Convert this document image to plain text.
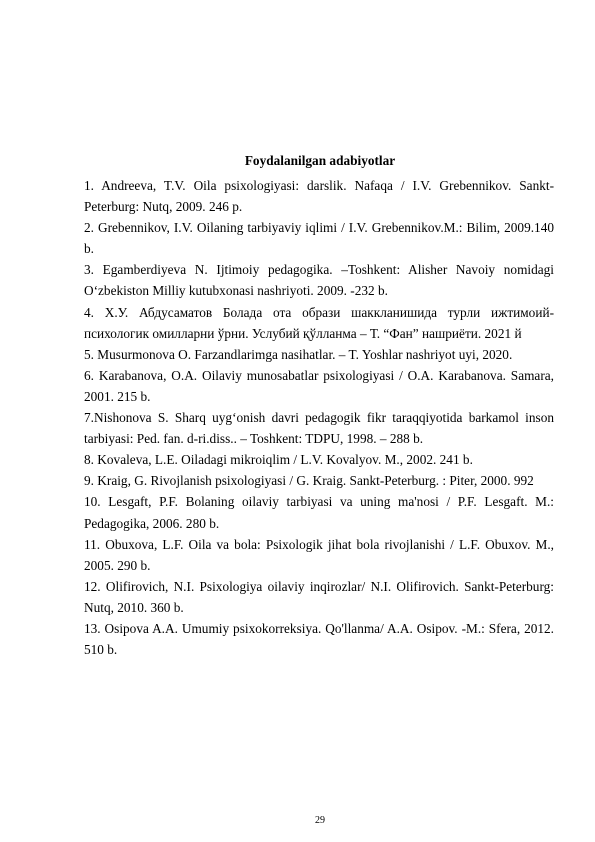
Foydalanilgan adabiyotlar

1. Andreeva, T.V. Oila psixologiyasi: darslik. Nafaqa / I.V. Grebennikov. Sankt-Peterburg: Nutq, 2009. 246 p.

2. Grebennikov, I.V. Oilaning tarbiyaviy iqlimi / I.V. Grebennikov.M.: Bilim, 2009.140 b.

3. Egamberdiyeva N. Ijtimoiy pedagogika. –Toshkent: Alisher Navoiy nomidagi O‘zbekiston Milliy kutubxonasi nashriyoti. 2009. -232 b.

4. Х.У. Абдусаматов Болада ота образи шаккланишида турли ижтимоий-психологик омилларни ўрни. Услубий қўлланма – Т. “Фан” нашриёти. 2021 й

5. Musurmonova O. Farzandlarimga nasihatlar. – T. Yoshlar nashriyot uyi, 2020.

6. Karabanova, O.A. Oilaviy munosabatlar psixologiyasi / O.A. Karabanova. Samara, 2001. 215 b.

7.Nishonova S. Sharq uyg‘onish davri pedagogik fikr taraqqiyotida barkamol inson tarbiyasi: Ped. fan. d-ri.diss.. – Toshkent: TDPU, 1998. – 288 b.

8. Kovaleva, L.E. Oiladagi mikroiqlim / L.V. Kovalyov. M., 2002. 241 b.

9. Kraig, G. Rivojlanish psixologiyasi / G. Kraig. Sankt-Peterburg. : Piter, 2000. 992

10. Lesgaft, P.F. Bolaning oilaviy tarbiyasi va uning ma'nosi / P.F. Lesgaft. M.: Pedagogika, 2006. 280 b.

11. Obuxova, L.F. Oila va bola: Psixologik jihat bola rivojlanishi / L.F. Obuxov. M., 2005. 290 b.

12. Olifirovich, N.I. Psixologiya oilaviy inqirozlar/ N.I. Olifirovich. Sankt-Peterburg: Nutq, 2010. 360 b.

13. Osipova A.A. Umumiy psixokorreksiya. Qo'llanma/ A.A. Osipov. -M.: Sfera, 2012. 510 b.

29
